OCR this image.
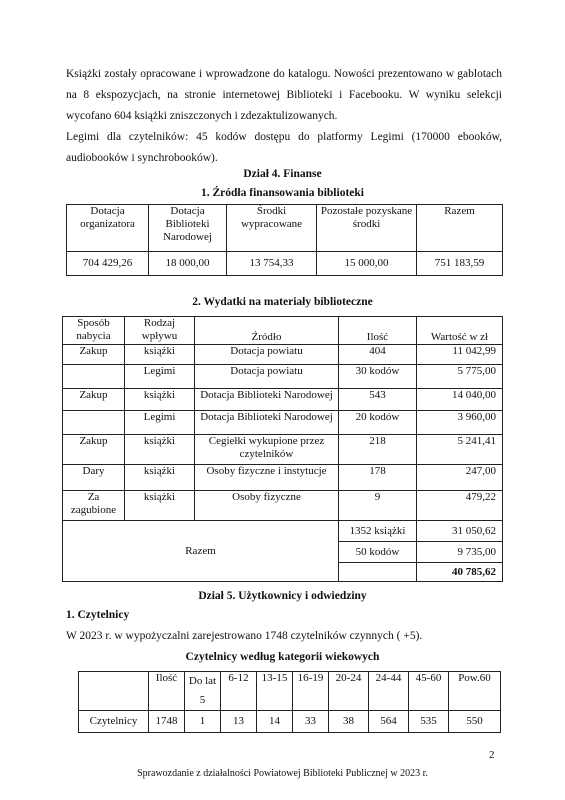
Książki zostały opracowane i wprowadzone do katalogu. Nowości prezentowano w gablotach
na 8 ekspozycjach, na stronie internetowej Biblioteki i Facebooku. W wyniku selekcji
wycofano 604 książki zniszczonych i zdezaktulizowanych.
Legimi dla czytelników: 45 kodów dostępu do platformy Legimi (170000 ebooków,
audiobooków i synchrobooków).

Dział 4. Finanse

1. Źródła finansowania biblioteki

Dotacja organizatora	Dotacja Biblioteki Narodowej	Środki wypracowane	Pozostałe pozyskane środki	Razem
704 429,26	18 000,00	13 754,33	15 000,00	751 183,59

2. Wydatki na materiały biblioteczne

Sposób nabycia	Rodzaj wpływu	Źródło	Ilość	Wartość w zł
Zakup	książki	Dotacja powiatu	404	11 042,99
	Legimi	Dotacja powiatu	30 kodów	5 775,00
Zakup	książki	Dotacja Biblioteki Narodowej	543	14 040,00
	Legimi	Dotacja Biblioteki Narodowej	20 kodów	3 960,00
Zakup	książki	Cegiełki wykupione przez czytelników	218	5 241,41
Dary	książki	Osoby fizyczne i instytucje	178	247,00
Za zagubione	książki	Osoby fizyczne	9	479,22
Razem			1352 książki	31 050,62
			50 kodów	9 735,00
				40 785,62

Dział 5. Użytkownicy i odwiedziny

1. Czytelnicy

W 2023 r. w wypożyczalni zarejestrowano 1748 czytelników czynnych ( +5).

Czytelnicy według kategorii wiekowych

	Ilość	Do lat 5	6-12	13-15	16-19	20-24	24-44	45-60	Pow.60
Czytelnicy	1748	1	13	14	33	38	564	535	550

2

Sprawozdanie z działalności Powiatowej Biblioteki Publicznej w 2023 r.
